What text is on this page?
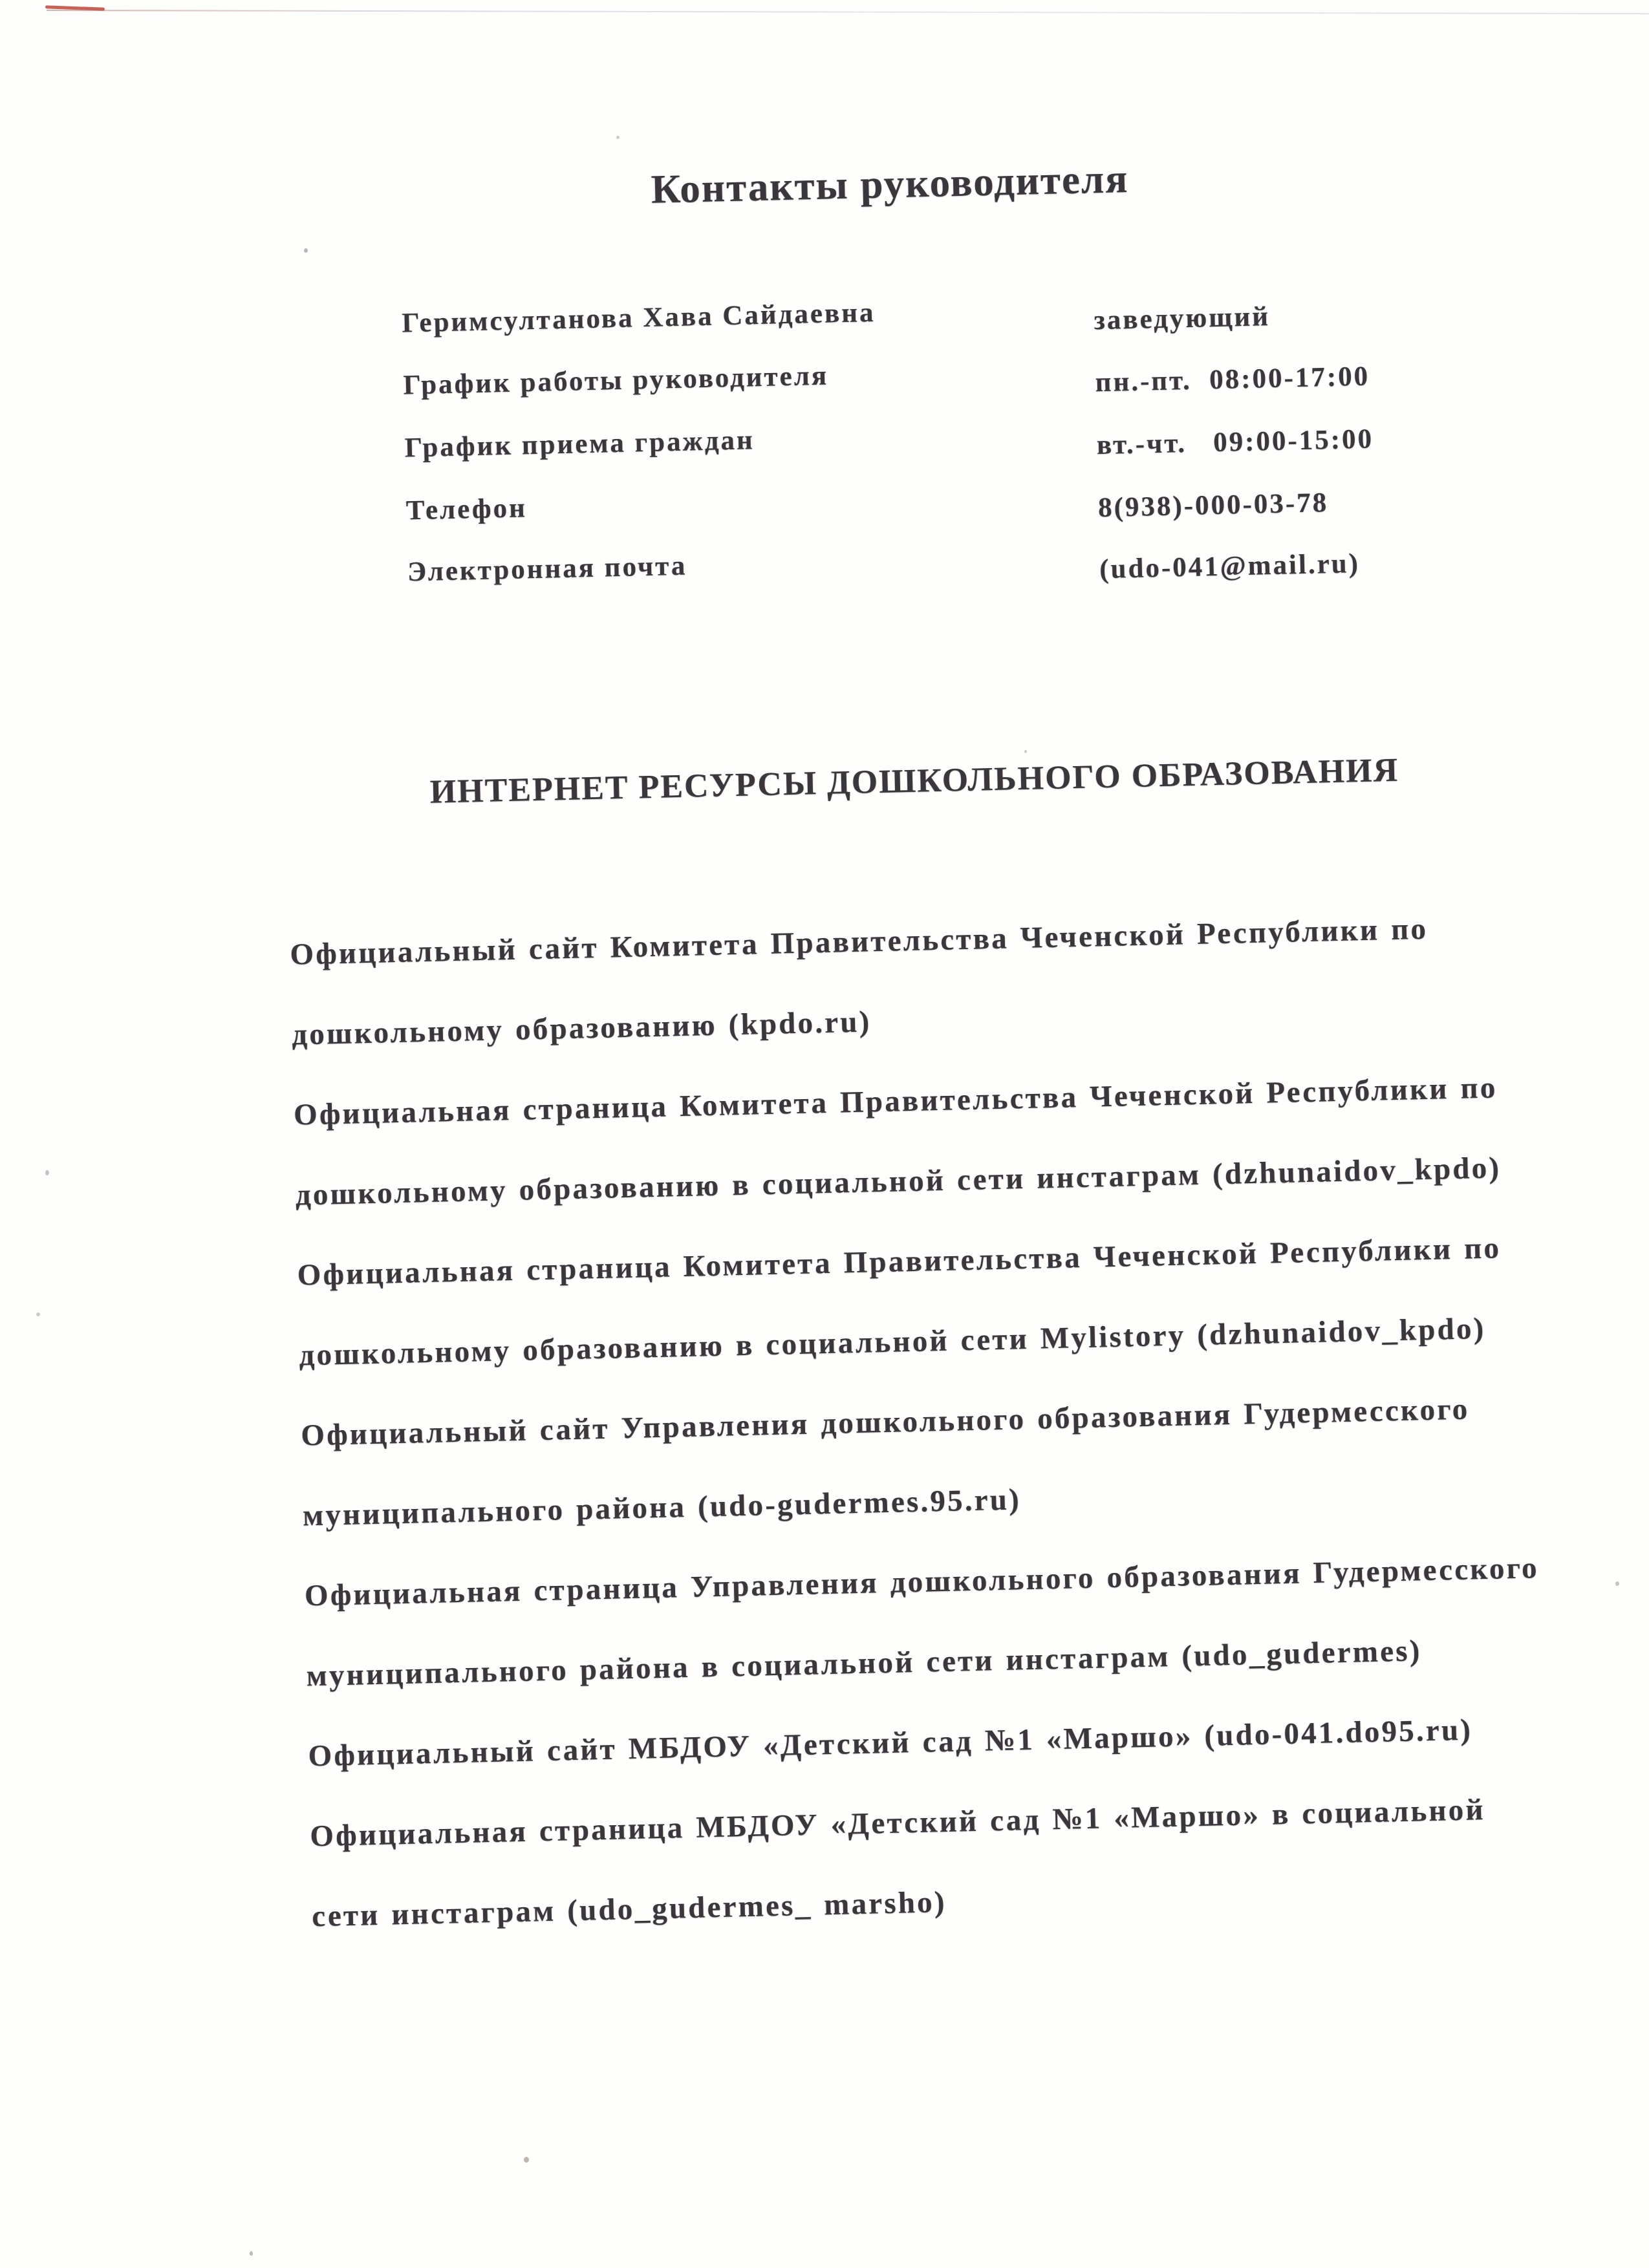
Контакты руководителя
Геримсултанова Хава Сайдаевна	заведующий
График работы руководителя	пн.-пт.  08:00-17:00
График приема граждан	вт.-чт.   09:00-15:00
Телефон	8(938)-000-03-78
Электронная почта	(udo-041@mail.ru)
ИНТЕРНЕТ РЕСУРСЫ ДОШКОЛЬНОГО ОБРАЗОВАНИЯ
Официальный сайт Комитета Правительства Чеченской Республики по
дошкольному образованию (kpdo.ru)
Официальная страница Комитета Правительства Чеченской Республики по
дошкольному образованию в социальной сети инстаграм (dzhunaidov_kpdo)
Официальная страница Комитета Правительства Чеченской Республики по
дошкольному образованию в социальной сети Mylistory (dzhunaidov_kpdo)
Официальный сайт Управления дошкольного образования Гудермесского
муниципального района (udo-gudermes.95.ru)
Официальная страница Управления дошкольного образования Гудермесского
муниципального района в социальной сети инстаграм (udo_gudermes)
Официальный сайт МБДОУ «Детский сад №1 «Маршо» (udo-041.do95.ru)
Официальная страница МБДОУ «Детский сад №1 «Маршо» в социальной
сети инстаграм (udo_gudermes_ marsho)
